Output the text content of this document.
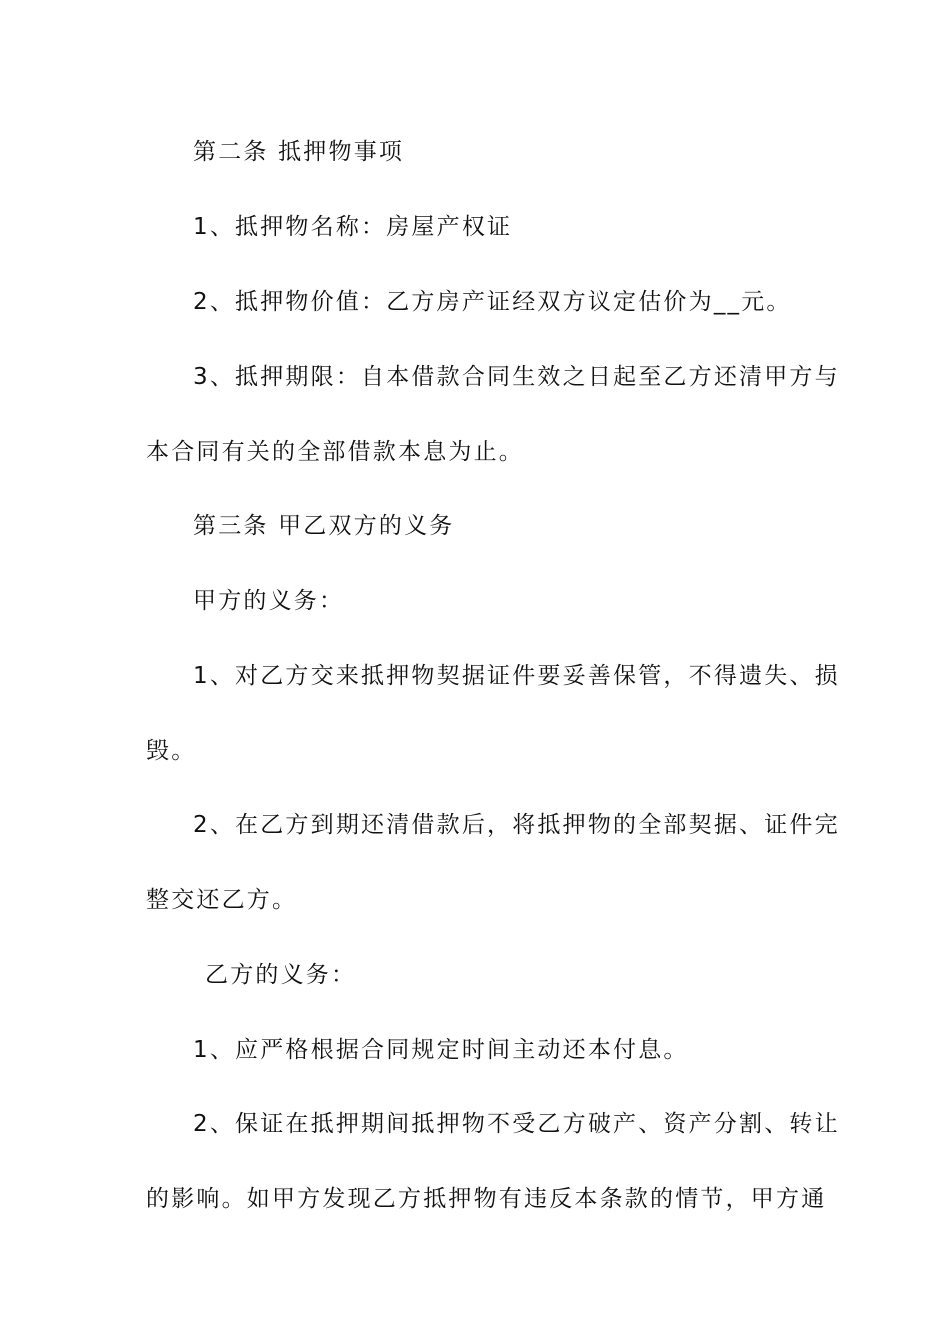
第二条 抵押物事项
1、抵押物名称：房屋产权证
2、抵押物价值：乙方房产证经双方议定估价为__元。
3、抵押期限：自本借款合同生效之日起至乙方还清甲方与
本合同有关的全部借款本息为止。
第三条 甲乙双方的义务
甲方的义务：
1、对乙方交来抵押物契据证件要妥善保管，不得遗失、损
毁。
2、在乙方到期还清借款后，将抵押物的全部契据、证件完
整交还乙方。
乙方的义务：
1、应严格根据合同规定时间主动还本付息。
2、保证在抵押期间抵押物不受乙方破产、资产分割、转让
的影响。如甲方发现乙方抵押物有违反本条款的情节，甲方通
